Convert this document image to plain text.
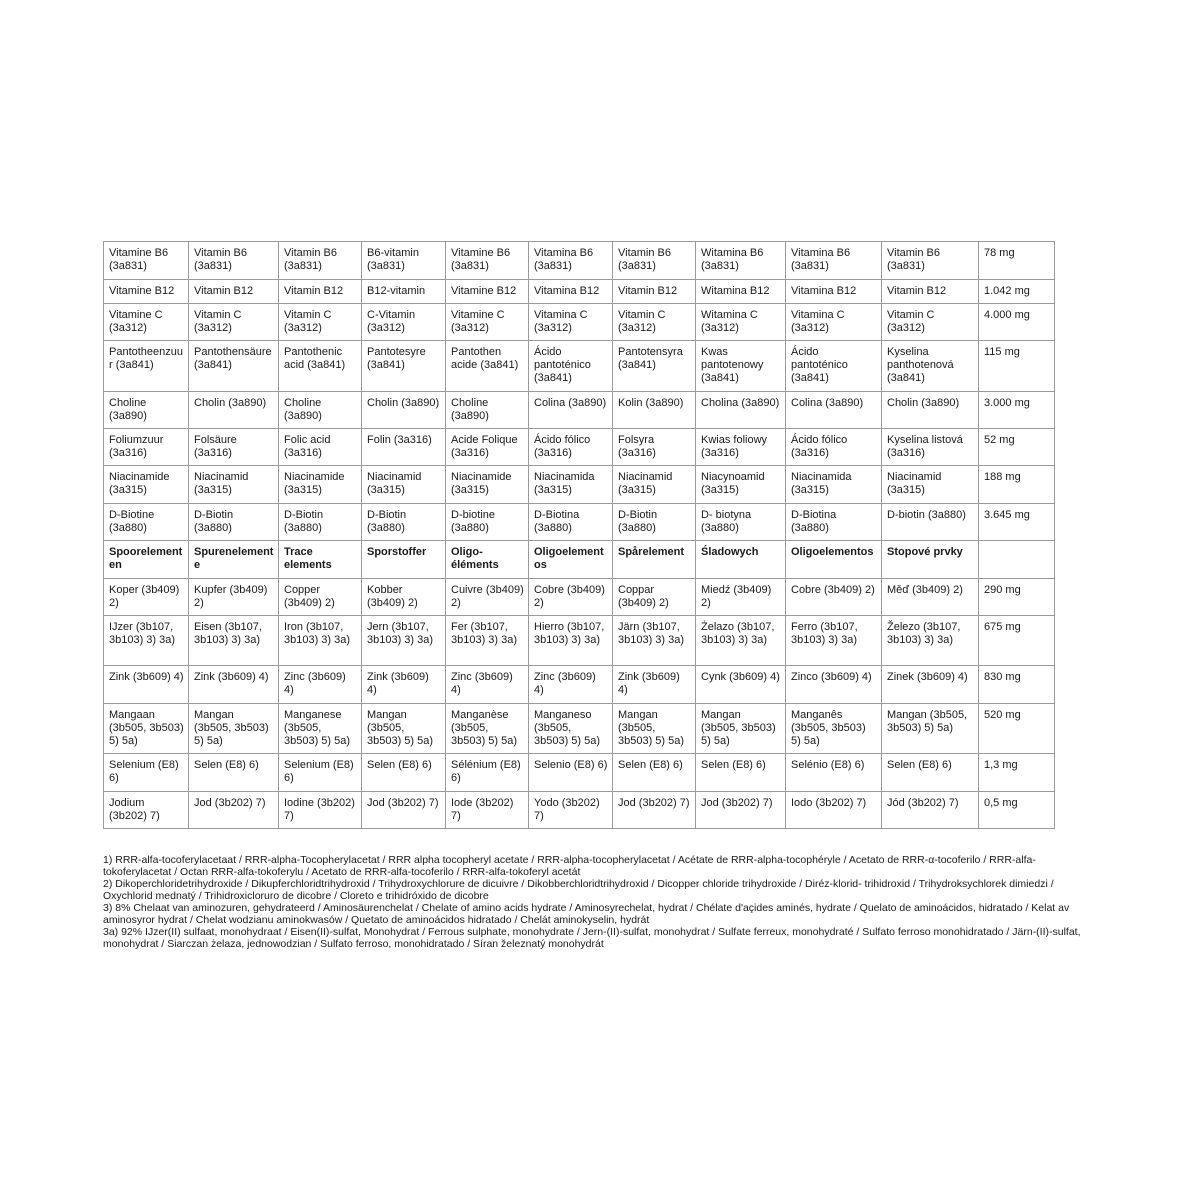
Vitamine B6 (3a831)	Vitamin B6 (3a831)	Vitamin B6 (3a831)	B6-vitamin (3a831)	Vitamine B6 (3a831)	Vitamina B6 (3a831)	Vitamin B6 (3a831)	Witamina B6 (3a831)	Vitamina B6 (3a831)	Vitamin B6 (3a831)	78 mg
Vitamine B12	Vitamin B12	Vitamin B12	B12-vitamin	Vitamine B12	Vitamina B12	Vitamin B12	Witamina B12	Vitamina B12	Vitamin B12	1.042 mg
Vitamine C (3a312)	Vitamin C (3a312)	Vitamin C (3a312)	C-Vitamin (3a312)	Vitamine C (3a312)	Vitamina C (3a312)	Vitamin C (3a312)	Witamina C (3a312)	Vitamina C (3a312)	Vitamin C (3a312)	4.000 mg
Pantotheenzuur (3a841)	Pantothensäure (3a841)	Pantothenic acid (3a841)	Pantotesyre (3a841)	Pantothen acide (3a841)	Ácido pantoténico (3a841)	Pantotensyra (3a841)	Kwas pantotenowy (3a841)	Ácido pantoténico (3a841)	Kyselina panthotenová (3a841)	115 mg
Choline (3a890)	Cholin (3a890)	Choline (3a890)	Cholin (3a890)	Choline (3a890)	Colina (3a890)	Kolin (3a890)	Cholina (3a890)	Colina (3a890)	Cholin (3a890)	3.000 mg
Foliumzuur (3a316)	Folsäure (3a316)	Folic acid (3a316)	Folin (3a316)	Acide Folique (3a316)	Ácido fólico (3a316)	Folsyra (3a316)	Kwias foliowy (3a316)	Ácido fólico (3a316)	Kyselina listová (3a316)	52 mg
Niacinamide (3a315)	Niacinamid (3a315)	Niacinamide (3a315)	Niacinamid (3a315)	Niacinamide (3a315)	Niacinamida (3a315)	Niacinamid (3a315)	Niacynoamid (3a315)	Niacinamida (3a315)	Niacinamid (3a315)	188 mg
D-Biotine (3a880)	D-Biotin (3a880)	D-Biotin (3a880)	D-Biotin (3a880)	D-biotine (3a880)	D-Biotina (3a880)	D-Biotin (3a880)	D- biotyna (3a880)	D-Biotina (3a880)	D-biotin (3a880)	3.645 mg
Spoorelementen	Spurenelemente	Trace elements	Sporstoffer	Oligo-éléments	Oligoelementos	Spårelement	Śladowych	Oligoelementos	Stopové prvky	
Koper (3b409) 2)	Kupfer (3b409) 2)	Copper (3b409) 2)	Kobber (3b409) 2)	Cuivre (3b409) 2)	Cobre (3b409) 2)	Coppar (3b409) 2)	Miedź (3b409) 2)	Cobre (3b409) 2)	Měď (3b409) 2)	290 mg
IJzer (3b107, 3b103) 3) 3a)	Eisen (3b107, 3b103) 3) 3a)	Iron (3b107, 3b103) 3) 3a)	Jern (3b107, 3b103) 3) 3a)	Fer (3b107, 3b103) 3) 3a)	Hierro (3b107, 3b103) 3) 3a)	Järn (3b107, 3b103) 3) 3a)	Żelazo (3b107, 3b103) 3) 3a)	Ferro (3b107, 3b103) 3) 3a)	Železo (3b107, 3b103) 3) 3a)	675 mg
Zink (3b609) 4)	Zink (3b609) 4)	Zinc (3b609) 4)	Zink (3b609) 4)	Zinc (3b609) 4)	Zinc (3b609) 4)	Zink (3b609) 4)	Cynk (3b609) 4)	Zinco (3b609) 4)	Zinek (3b609) 4)	830 mg
Mangaan (3b505, 3b503) 5) 5a)	Mangan (3b505, 3b503) 5) 5a)	Manganese (3b505, 3b503) 5) 5a)	Mangan (3b505, 3b503) 5) 5a)	Manganèse (3b505, 3b503) 5) 5a)	Manganeso (3b505, 3b503) 5) 5a)	Mangan (3b505, 3b503) 5) 5a)	Mangan (3b505, 3b503) 5) 5a)	Manganês (3b505, 3b503) 5) 5a)	Mangan (3b505, 3b503) 5) 5a)	520 mg
Selenium (E8) 6)	Selen (E8) 6)	Selenium (E8) 6)	Selen (E8) 6)	Sélénium (E8) 6)	Selenio (E8) 6)	Selen (E8) 6)	Selen (E8) 6)	Selénio (E8) 6)	Selen (E8) 6)	1,3 mg
Jodium (3b202) 7)	Jod (3b202) 7)	Iodine (3b202) 7)	Jod (3b202) 7)	Iode (3b202) 7)	Yodo (3b202) 7)	Jod (3b202) 7)	Jod (3b202) 7)	Iodo (3b202) 7)	Jód (3b202) 7)	0,5 mg

1) RRR-alfa-tocoferylacetaat / RRR-alpha-Tocopherylacetat / RRR alpha tocopheryl acetate / RRR-alpha-tocopherylacetat / Acétate de RRR-alpha-tocophéryle / Acetato de RRR-α-tocoferilo / RRR-alfa-tokoferylacetat / Octan RRR-alfa-tokoferylu / Acetato de RRR-alfa-tocoferilo / RRR-alfa-tokoferyl acetát

2) Dikoperchloridetrihydroxide / Dikupferchloridtrihydroxid / Trihydroxychlorure de dicuivre / Dikobberchloridtrihydroxid / Dicopper chloride trihydroxide / Diréz-klorid- trihidroxid / Trihydroksychlorek dimiedzi / Oxychlorid mednatý / Trihidroxicloruro de dicobre / Cloreto e trihidróxido de dicobre

3) 8% Chelaat van aminozuren, gehydrateerd / Aminosäurenchelat / Chelate of amino acids hydrate / Aminosyrechelat, hydrat / Chélate d'açides aminés, hydrate / Quelato de aminoácidos, hidratado / Kelat av aminosyror hydrat / Chelat wodzianu aminokwasów / Quetato de aminoácidos hidratado / Chelát aminokyselin, hydrát

3a) 92% IJzer(II) sulfaat, monohydraat / Eisen(II)-sulfat, Monohydrat / Ferrous sulphate, monohydrate / Jern-(II)-sulfat, monohydrat / Sulfate ferreux, monohydraté / Sulfato ferroso monohidratado / Järn-(II)-sulfat, monohydrat / Siarczan żelaza, jednowodzian / Sulfato ferroso, monohidratado / Síran železnatý monohydrát
